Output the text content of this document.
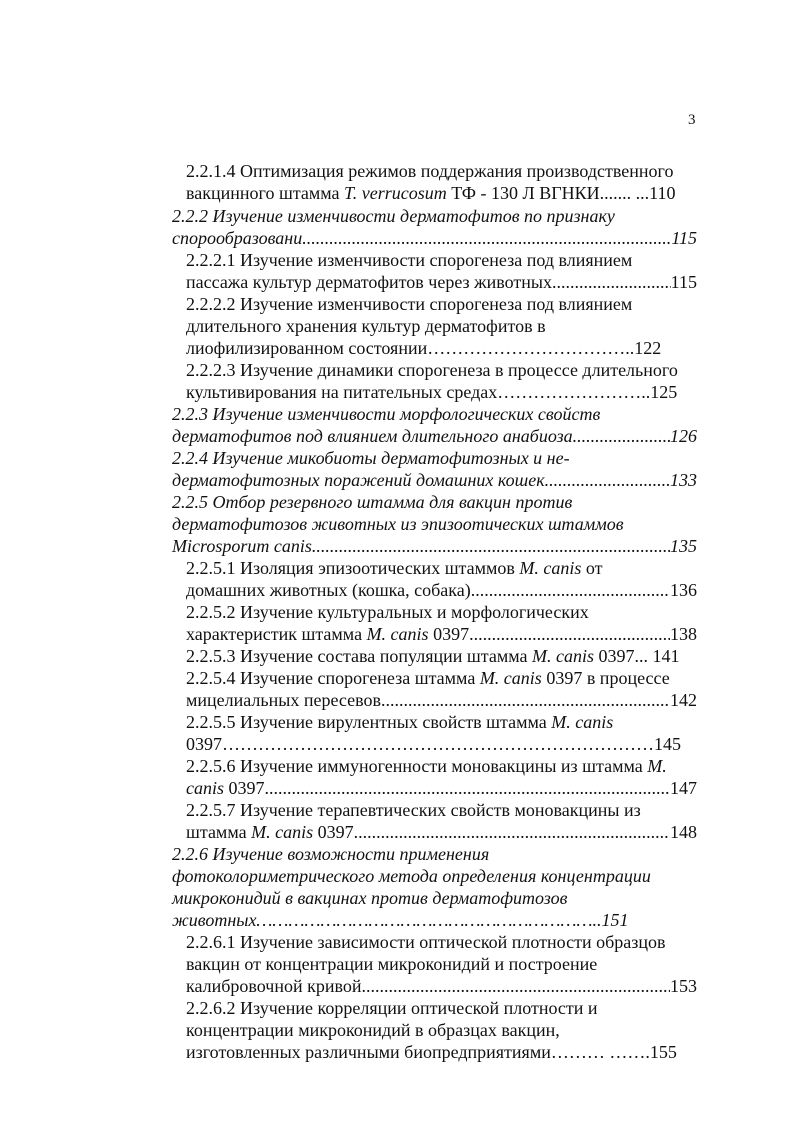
3
2.2.1.4 Оптимизация режимов поддержания производственного
вакцинного штамма T. verrucosum ТФ - 130 Л ВГНКИ....... ...110
2.2.2 Изучение изменчивости дерматофитов по признаку
спорообразовани .....	115
2.2.2.1 Изучение изменчивости спорогенеза под влиянием
пассажа культур дерматофитов через животных .....	115
2.2.2.2 Изучение изменчивости спорогенеза под влиянием
длительного хранения культур дерматофитов в
лиофилизированном состоянии……………………………..122
2.2.2.3 Изучение динамики спорогенеза в процессе длительного
культивирования на питательных средах……………………..125
2.2.3 Изучение изменчивости морфологических свойств
дерматофитов под влиянием длительного анабиоза. .....	126
2.2.4 Изучение микобиоты дерматофитозных и не-
дерматофитозных поражений домашних кошек. .....	133
2.2.5 Отбор резервного штамма для вакцин против
дерматофитозов животных из эпизоотических штаммов
Microsporum canis. .....	135
2.2.5.1 Изоляция эпизоотических штаммов M. canis от
домашних животных (кошка, собака) .....	136
2.2.5.2 Изучение культуральных и морфологических
характеристик штамма M. canis 0397 .....	138
2.2.5.3 Изучение состава популяции штамма M. canis 0397... 141
2.2.5.4 Изучение спорогенеза штамма M. canis 0397 в процессе
мицелиальных пересевов .....	142
2.2.5.5 Изучение вирулентных свойств штамма M. canis
0397………………………………………………………………145
2.2.5.6 Изучение иммуногенности моновакцины из штамма M.
canis 0397 .....	147
2.2.5.7 Изучение терапевтических свойств моновакцины из
штамма M. canis 0397 .....	148
2.2.6 Изучение возможности применения
фотоколориметрического метода определения концентрации
микроконидий в вакцинах против дерматофитозов
животных………………………………………………………..151
2.2.6.1 Изучение зависимости оптической плотности образцов
вакцин от концентрации микроконидий и построение
калибровочной кривой .....	153
2.2.6.2 Изучение корреляции оптической плотности и
концентрации микроконидий в образцах вакцин,
изготовленных различными биопредприятиями……… …….155
